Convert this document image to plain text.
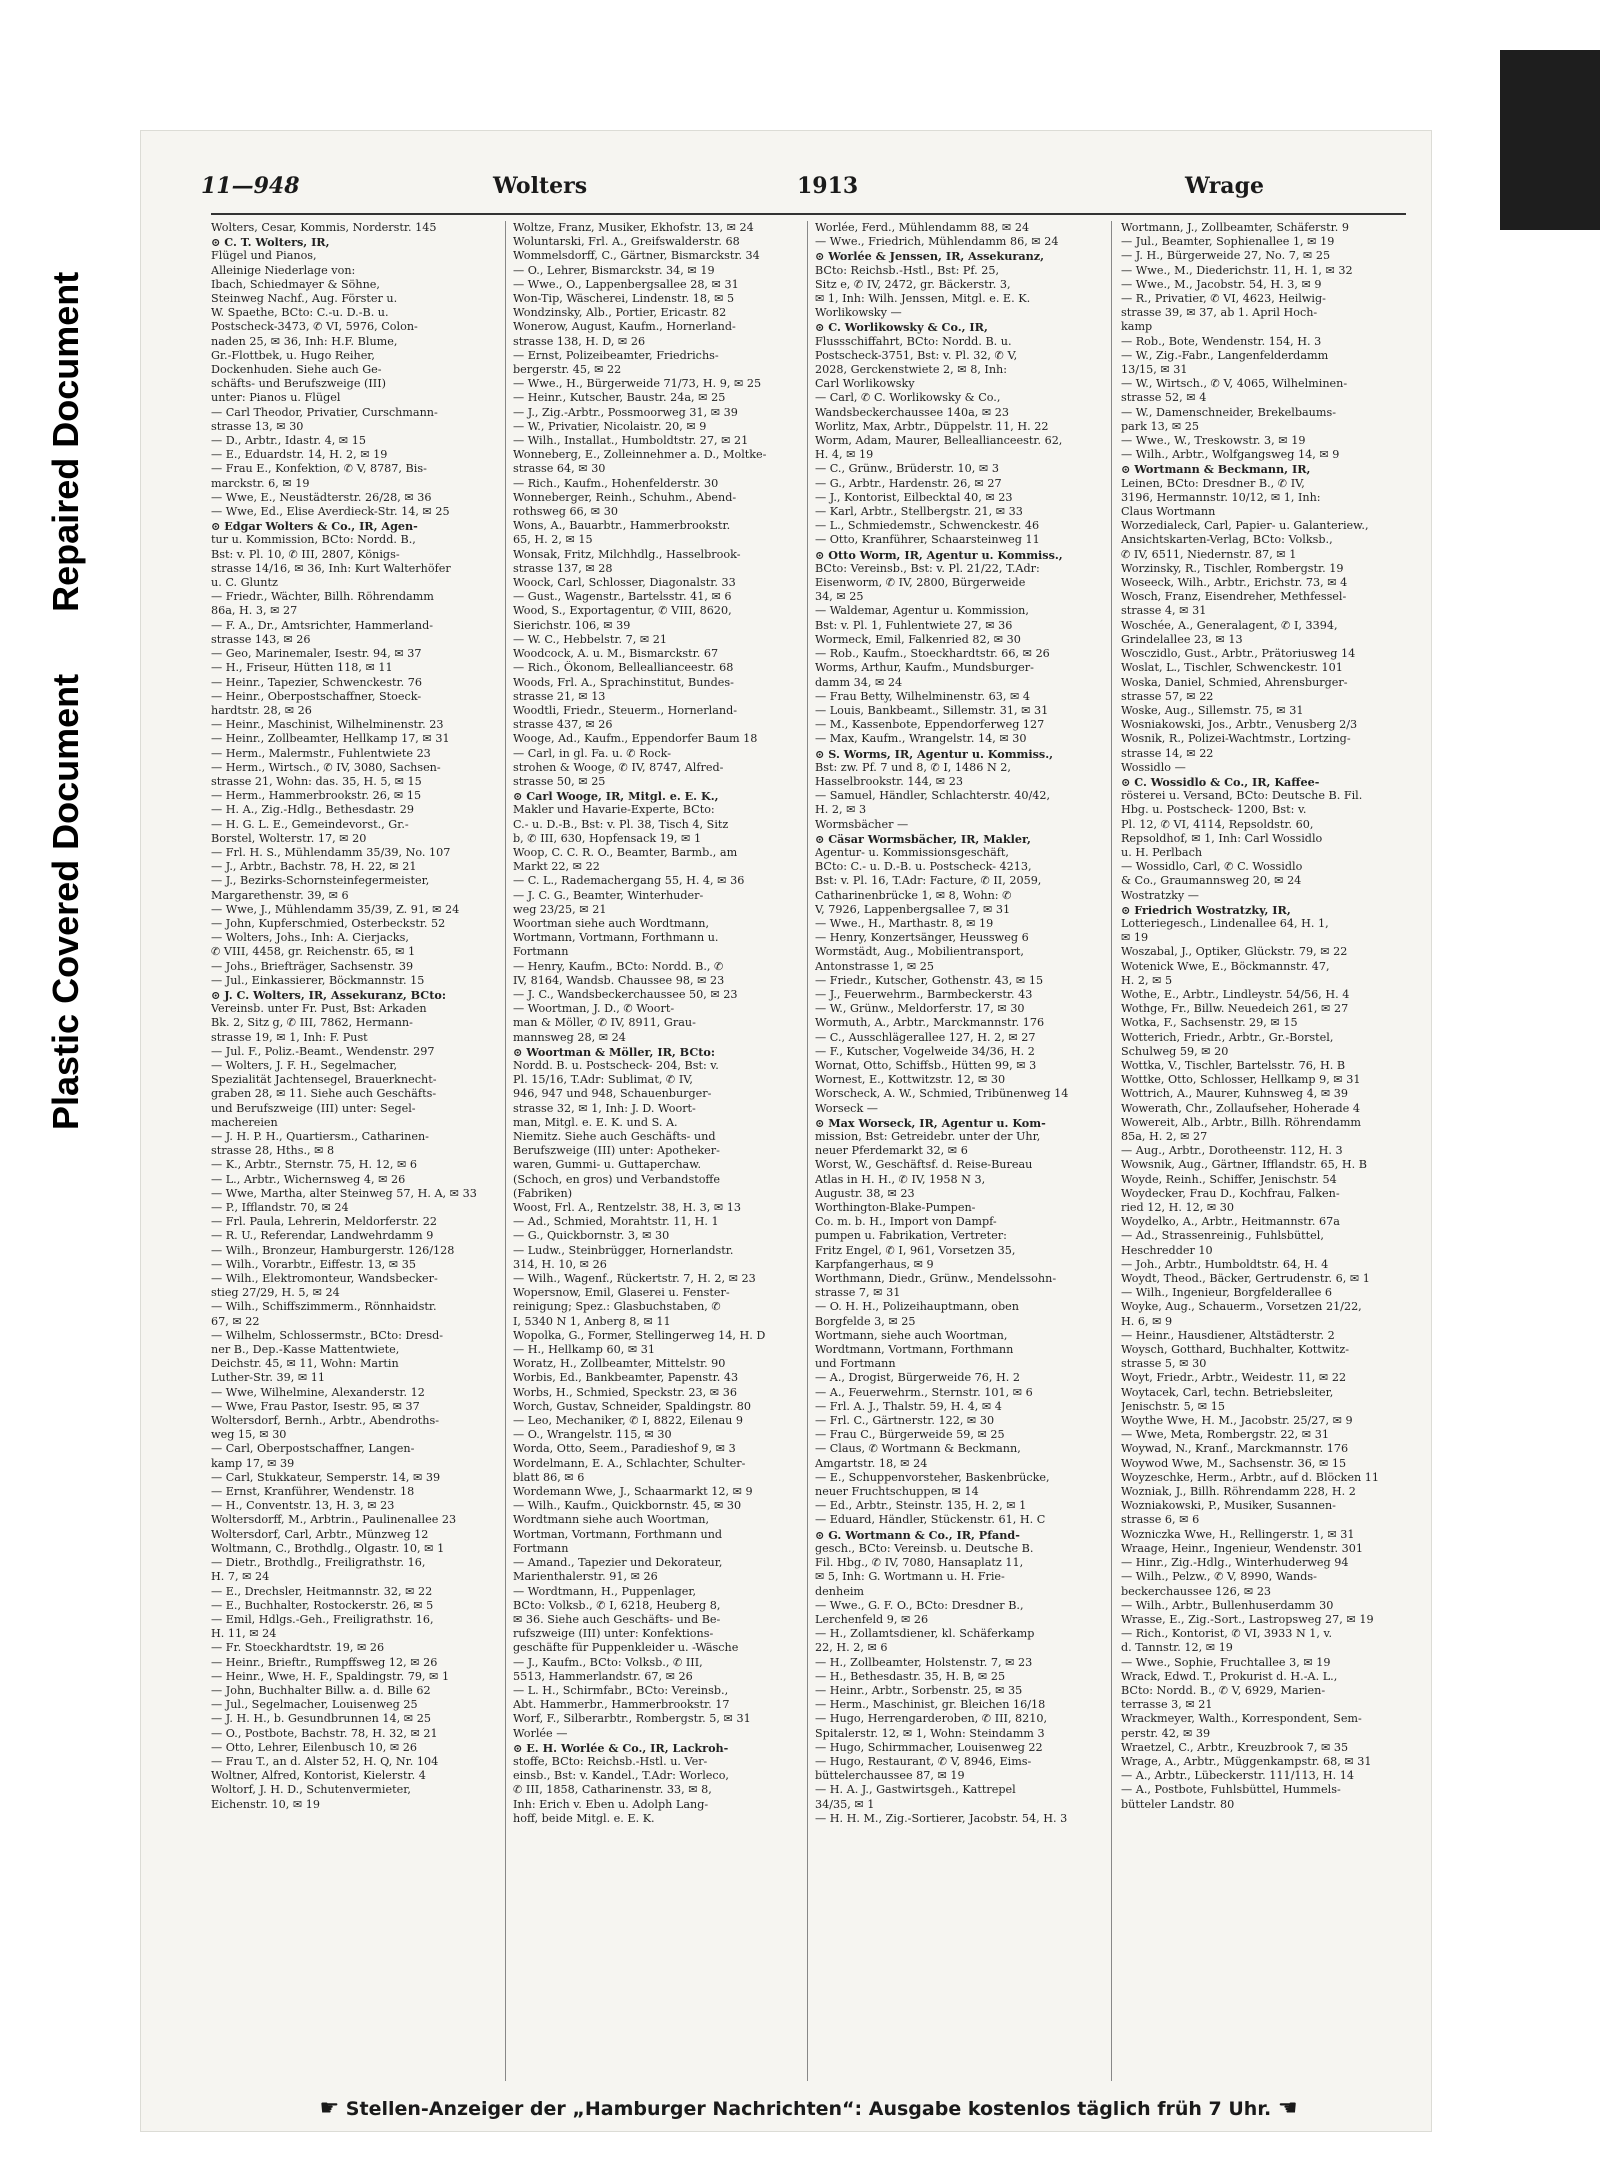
Plastic Covered Document Repaired Document
11—948	Wolters	1913	Wrage
Wolters, Cesar, Kommis, Norderstr. 145
⊙ C. T. Wolters, IR,
Flügel und Pianos,
Alleinige Niederlage von:
Ibach, Schiedmayer & Söhne,
Steinweg Nachf., Aug. Förster u.
W. Spaethe, BCto: C.-u. D.-B. u.
Postscheck-3473, ✆ VI, 5976, Colon-
naden 25, ✉ 36, Inh: H.F. Blume,
Gr.-Flottbek, u. Hugo Reiher,
Dockenhuden. Siehe auch Ge-
schäfts- und Berufszweige (III)
unter: Pianos u. Flügel
— Carl Theodor, Privatier, Curschmann-
strasse 13, ✉ 30
— D., Arbtr., Idastr. 4, ✉ 15
— E., Eduardstr. 14, H. 2, ✉ 19
— Frau E., Konfektion, ✆ V, 8787, Bis-
marckstr. 6, ✉ 19
— Wwe, E., Neustädterstr. 26/28, ✉ 36
— Wwe, Ed., Elise Averdieck-Str. 14, ✉ 25
⊙ Edgar Wolters & Co., IR, Agen-
tur u. Kommission, BCto: Nordd. B.,
Bst: v. Pl. 10, ✆ III, 2807, Königs-
strasse 14/16, ✉ 36, Inh: Kurt Walterhöfer
u. C. Gluntz
— Friedr., Wächter, Billh. Röhrendamm
86a, H. 3, ✉ 27
— F. A., Dr., Amtsrichter, Hammerland-
strasse 143, ✉ 26
— Geo, Marinemaler, Isestr. 94, ✉ 37
— H., Friseur, Hütten 118, ✉ 11
— Heinr., Tapezier, Schwenckestr. 76
— Heinr., Oberpostschaffner, Stoeck-
hardtstr. 28, ✉ 26
— Heinr., Maschinist, Wilhelminenstr. 23
— Heinr., Zollbeamter, Hellkamp 17, ✉ 31
— Herm., Malermstr., Fuhlentwiete 23
— Herm., Wirtsch., ✆ IV, 3080, Sachsen-
strasse 21, Wohn: das. 35, H. 5, ✉ 15
— Herm., Hammerbrookstr. 26, ✉ 15
— H. A., Zig.-Hdlg., Bethesdastr. 29
— H. G. L. E., Gemeindevorst., Gr.-
Borstel, Wolterstr. 17, ✉ 20
— Frl. H. S., Mühlendamm 35/39, No. 107
— J., Arbtr., Bachstr. 78, H. 22, ✉ 21
— J., Bezirks-Schornsteinfegermeister,
Margarethenstr. 39, ✉ 6
— Wwe, J., Mühlendamm 35/39, Z. 91, ✉ 24
— John, Kupferschmied, Osterbeckstr. 52
— Wolters, Johs., Inh: A. Cierjacks,
✆ VIII, 4458, gr. Reichenstr. 65, ✉ 1
— Johs., Briefträger, Sachsenstr. 39
— Jul., Einkassierer, Böckmannstr. 15
⊙ J. C. Wolters, IR, Assekuranz, BCto:
Vereinsb. unter Fr. Pust, Bst: Arkaden
Bk. 2, Sitz g, ✆ III, 7862, Hermann-
strasse 19, ✉ 1, Inh: F. Pust
— Jul. F., Poliz.-Beamt., Wendenstr. 297
— Wolters, J. F. H., Segelmacher,
Spezialität Jachtensegel, Brauerknecht-
graben 28, ✉ 11. Siehe auch Geschäfts-
und Berufszweige (III) unter: Segel-
machereien
— J. H. P. H., Quartiersm., Catharinen-
strasse 28, Hths., ✉ 8
— K., Arbtr., Sternstr. 75, H. 12, ✉ 6
— L., Arbtr., Wichernsweg 4, ✉ 26
— Wwe, Martha, alter Steinweg 57, H. A, ✉ 33
— P., Ifflandstr. 70, ✉ 24
— Frl. Paula, Lehrerin, Meldorferstr. 22
— R. U., Referendar, Landwehrdamm 9
— Wilh., Bronzeur, Hamburgerstr. 126/128
— Wilh., Vorarbtr., Eiffestr. 13, ✉ 35
— Wilh., Elektromonteur, Wandsbecker-
stieg 27/29, H. 5, ✉ 24
— Wilh., Schiffszimmerm., Rönnhaidstr.
67, ✉ 22
— Wilhelm, Schlossermstr., BCto: Dresd-
ner B., Dep.-Kasse Mattentwiete,
Deichstr. 45, ✉ 11, Wohn: Martin
Luther-Str. 39, ✉ 11
— Wwe, Wilhelmine, Alexanderstr. 12
— Wwe, Frau Pastor, Isestr. 95, ✉ 37
Woltersdorf, Bernh., Arbtr., Abendroths-
weg 15, ✉ 30
— Carl, Oberpostschaffner, Langen-
kamp 17, ✉ 39
— Carl, Stukkateur, Semperstr. 14, ✉ 39
— Ernst, Kranführer, Wendenstr. 18
— H., Conventstr. 13, H. 3, ✉ 23
Woltersdorff, M., Arbtrin., Paulinenallee 23
Woltersdorf, Carl, Arbtr., Münzweg 12
Woltmann, C., Brothdlg., Olgastr. 10, ✉ 1
— Dietr., Brothdlg., Freiligrathstr. 16,
H. 7, ✉ 24
— E., Drechsler, Heitmannstr. 32, ✉ 22
— E., Buchhalter, Rostockerstr. 26, ✉ 5
— Emil, Hdlgs.-Geh., Freiligrathstr. 16,
H. 11, ✉ 24
— Fr. Stoeckhardtstr. 19, ✉ 26
— Heinr., Brieftr., Rumpffsweg 12, ✉ 26
— Heinr., Wwe, H. F., Spaldingstr. 79, ✉ 1
— John, Buchhalter Billw. a. d. Bille 62
— Jul., Segelmacher, Louisenweg 25
— J. H. H., b. Gesundbrunnen 14, ✉ 25
— O., Postbote, Bachstr. 78, H. 32, ✉ 21
— Otto, Lehrer, Eilenbusch 10, ✉ 26
— Frau T., an d. Alster 52, H. Q, Nr. 104
Woltner, Alfred, Kontorist, Kielerstr. 4
Woltorf, J. H. D., Schutenvermieter,
Eichenstr. 10, ✉ 19
Woltze, Franz, Musiker, Ekhofstr. 13, ✉ 24
Woluntarski, Frl. A., Greifswalderstr. 68
Wommelsdorff, C., Gärtner, Bismarckstr. 34
— O., Lehrer, Bismarckstr. 34, ✉ 19
— Wwe., O., Lappenbergsallee 28, ✉ 31
Won-Tip, Wäscherei, Lindenstr. 18, ✉ 5
Wondzinsky, Alb., Portier, Ericastr. 82
Wonerow, August, Kaufm., Hornerland-
strasse 138, H. D, ✉ 26
— Ernst, Polizeibeamter, Friedrichs-
bergerstr. 45, ✉ 22
— Wwe., H., Bürgerweide 71/73, H. 9, ✉ 25
— Heinr., Kutscher, Baustr. 24a, ✉ 25
— J., Zig.-Arbtr., Possmoorweg 31, ✉ 39
— W., Privatier, Nicolaistr. 20, ✉ 9
— Wilh., Installat., Humboldtstr. 27, ✉ 21
Wonneberg, E., Zolleinnehmer a. D., Moltke-
strasse 64, ✉ 30
— Rich., Kaufm., Hohenfelderstr. 30
Wonneberger, Reinh., Schuhm., Abend-
rothsweg 66, ✉ 30
Wons, A., Bauarbtr., Hammerbrookstr.
65, H. 2, ✉ 15
Wonsak, Fritz, Milchhdlg., Hasselbrook-
strasse 137, ✉ 28
Woock, Carl, Schlosser, Diagonalstr. 33
— Gust., Wagenstr., Bartelsstr. 41, ✉ 6
Wood, S., Exportagentur, ✆ VIII, 8620,
Sierichstr. 106, ✉ 39
— W. C., Hebbelstr. 7, ✉ 21
Woodcock, A. u. M., Bismarckstr. 67
— Rich., Ökonom, Belleallianceestr. 68
Woods, Frl. A., Sprachinstitut, Bundes-
strasse 21, ✉ 13
Woodtli, Friedr., Steuerm., Hornerland-
strasse 437, ✉ 26
Wooge, Ad., Kaufm., Eppendorfer Baum 18
— Carl, in gl. Fa. u. ✆ Rock-
strohen & Wooge, ✆ IV, 8747, Alfred-
strasse 50, ✉ 25
⊙ Carl Wooge, IR, Mitgl. e. E. K.,
Makler und Havarie-Experte, BCto:
C.- u. D.-B., Bst: v. Pl. 38, Tisch 4, Sitz
b, ✆ III, 630, Hopfensack 19, ✉ 1
Woop, C. C. R. O., Beamter, Barmb., am
Markt 22, ✉ 22
— C. L., Rademachergang 55, H. 4, ✉ 36
— J. C. G., Beamter, Winterhuder-
weg 23/25, ✉ 21
Woortman siehe auch Wordtmann,
Wortmann, Vortmann, Forthmann u.
Fortmann
— Henry, Kaufm., BCto: Nordd. B., ✆
IV, 8164, Wandsb. Chaussee 98, ✉ 23
— J. C., Wandsbeckerchaussee 50, ✉ 23
— Woortman, J. D., ✆ Woort-
man & Möller, ✆ IV, 8911, Grau-
mannsweg 28, ✉ 24
⊙ Woortman & Möller, IR, BCto:
Nordd. B. u. Postscheck- 204, Bst: v.
Pl. 15/16, T.Adr: Sublimat, ✆ IV,
946, 947 und 948, Schauenburger-
strasse 32, ✉ 1, Inh: J. D. Woort-
man, Mitgl. e. E. K. und S. A.
Niemitz. Siehe auch Geschäfts- und
Berufszweige (III) unter: Apotheker-
waren, Gummi- u. Guttaperchaw.
(Schoch, en gros) und Verbandstoffe
(Fabriken)
Woost, Frl. A., Rentzelstr. 38, H. 3, ✉ 13
— Ad., Schmied, Morahtstr. 11, H. 1
— G., Quickbornstr. 3, ✉ 30
— Ludw., Steinbrügger, Hornerlandstr.
314, H. 10, ✉ 26
— Wilh., Wagenf., Rückertstr. 7, H. 2, ✉ 23
Wopersnow, Emil, Glaserei u. Fenster-
reinigung; Spez.: Glasbuchstaben, ✆
I, 5340 N 1, Anberg 8, ✉ 11
Wopolka, G., Former, Stellingerweg 14, H. D
— H., Hellkamp 60, ✉ 31
Woratz, H., Zollbeamter, Mittelstr. 90
Worbis, Ed., Bankbeamter, Papenstr. 43
Worbs, H., Schmied, Speckstr. 23, ✉ 36
Worch, Gustav, Schneider, Spaldingstr. 80
— Leo, Mechaniker, ✆ I, 8822, Eilenau 9
— O., Wrangelstr. 115, ✉ 30
Worda, Otto, Seem., Paradieshof 9, ✉ 3
Wordelmann, E. A., Schlachter, Schulter-
blatt 86, ✉ 6
Wordemann Wwe, J., Schaarmarkt 12, ✉ 9
— Wilh., Kaufm., Quickbornstr. 45, ✉ 30
Wordtmann siehe auch Woortman,
Wortman, Vortmann, Forthmann und
Fortmann
— Amand., Tapezier und Dekorateur,
Marienthalerstr. 91, ✉ 26
— Wordtmann, H., Puppenlager,
BCto: Volksb., ✆ I, 6218, Heuberg 8,
✉ 36. Siehe auch Geschäfts- und Be-
rufszweige (III) unter: Konfektions-
geschäfte für Puppenkleider u. -Wäsche
— J., Kaufm., BCto: Volksb., ✆ III,
5513, Hammerlandstr. 67, ✉ 26
— L. H., Schirmfabr., BCto: Vereinsb.,
Abt. Hammerbr., Hammerbrookstr. 17
Worf, F., Silberarbtr., Rombergstr. 5, ✉ 31
Worlée —
⊙ E. H. Worlée & Co., IR, Lackroh-
stoffe, BCto: Reichsb.-Hstl. u. Ver-
einsb., Bst: v. Kandel., T.Adr: Worleco,
✆ III, 1858, Catharinenstr. 33, ✉ 8,
Inh: Erich v. Eben u. Adolph Lang-
hoff, beide Mitgl. e. E. K.
Worlée, Ferd., Mühlendamm 88, ✉ 24
— Wwe., Friedrich, Mühlendamm 86, ✉ 24
⊙ Worlée & Jenssen, IR, Assekuranz,
BCto: Reichsb.-Hstl., Bst: Pf. 25,
Sitz e, ✆ IV, 2472, gr. Bäckerstr. 3,
✉ 1, Inh: Wilh. Jenssen, Mitgl. e. E. K.
Worlikowsky —
⊙ C. Worlikowsky & Co., IR,
Flussschiffahrt, BCto: Nordd. B. u.
Postscheck-3751, Bst: v. Pl. 32, ✆ V,
2028, Gerckenstwiete 2, ✉ 8, Inh:
Carl Worlikowsky
— Carl, ✆ C. Worlikowsky & Co.,
Wandsbeckerchaussee 140a, ✉ 23
Worlitz, Max, Arbtr., Düppelstr. 11, H. 22
Worm, Adam, Maurer, Belleallianceestr. 62,
H. 4, ✉ 19
— C., Grünw., Brüderstr. 10, ✉ 3
— G., Arbtr., Hardenstr. 26, ✉ 27
— J., Kontorist, Eilbecktal 40, ✉ 23
— Karl, Arbtr., Stellbergstr. 21, ✉ 33
— L., Schmiedemstr., Schwenckestr. 46
— Otto, Kranführer, Schaarsteinweg 11
⊙ Otto Worm, IR, Agentur u. Kommiss.,
BCto: Vereinsb., Bst: v. Pl. 21/22, T.Adr:
Eisenworm, ✆ IV, 2800, Bürgerweide
34, ✉ 25
— Waldemar, Agentur u. Kommission,
Bst: v. Pl. 1, Fuhlentwiete 27, ✉ 36
Wormeck, Emil, Falkenried 82, ✉ 30
— Rob., Kaufm., Stoeckhardtstr. 66, ✉ 26
Worms, Arthur, Kaufm., Mundsburger-
damm 34, ✉ 24
— Frau Betty, Wilhelminenstr. 63, ✉ 4
— Louis, Bankbeamt., Sillemstr. 31, ✉ 31
— M., Kassenbote, Eppendorferweg 127
— Max, Kaufm., Wrangelstr. 14, ✉ 30
⊙ S. Worms, IR, Agentur u. Kommiss.,
Bst: zw. Pf. 7 und 8, ✆ I, 1486 N 2,
Hasselbrookstr. 144, ✉ 23
— Samuel, Händler, Schlachterstr. 40/42,
H. 2, ✉ 3
Wormsbächer —
⊙ Cäsar Wormsbächer, IR, Makler,
Agentur- u. Kommissionsgeschäft,
BCto: C.- u. D.-B. u. Postscheck- 4213,
Bst: v. Pl. 16, T.Adr: Facture, ✆ II, 2059,
Catharinenbrücke 1, ✉ 8, Wohn: ✆
V, 7926, Lappenbergsallee 7, ✉ 31
— Wwe., H., Marthastr. 8, ✉ 19
— Henry, Konzertsänger, Heussweg 6
Wormstädt, Aug., Mobilientransport,
Antonstrasse 1, ✉ 25
— Friedr., Kutscher, Gothenstr. 43, ✉ 15
— J., Feuerwehrm., Barmbeckerstr. 43
— W., Grünw., Meldorferstr. 17, ✉ 30
Wormuth, A., Arbtr., Marckmannstr. 176
— C., Ausschlägerallee 127, H. 2, ✉ 27
— F., Kutscher, Vogelweide 34/36, H. 2
Wornat, Otto, Schiffsb., Hütten 99, ✉ 3
Wornest, E., Kottwitzstr. 12, ✉ 30
Worscheck, A. W., Schmied, Tribünenweg 14
Worseck —
⊙ Max Worseck, IR, Agentur u. Kom-
mission, Bst: Getreidebr. unter der Uhr,
neuer Pferdemarkt 32, ✉ 6
Worst, W., Geschäftsf. d. Reise-Bureau
Atlas in H. H., ✆ IV, 1958 N 3,
Augustr. 38, ✉ 23
Worthington-Blake-Pumpen-
Co. m. b. H., Import von Dampf-
pumpen u. Fabrikation, Vertreter:
Fritz Engel, ✆ I, 961, Vorsetzen 35,
Karpfangerhaus, ✉ 9
Worthmann, Diedr., Grünw., Mendelssohn-
strasse 7, ✉ 31
— O. H. H., Polizeihauptmann, oben
Borgfelde 3, ✉ 25
Wortmann, siehe auch Woortman,
Wordtmann, Vortmann, Forthmann
und Fortmann
— A., Drogist, Bürgerweide 76, H. 2
— A., Feuerwehrm., Sternstr. 101, ✉ 6
— Frl. A. J., Thalstr. 59, H. 4, ✉ 4
— Frl. C., Gärtnerstr. 122, ✉ 30
— Frau C., Bürgerweide 59, ✉ 25
— Claus, ✆ Wortmann & Beckmann,
Amgartstr. 18, ✉ 24
— E., Schuppenvorsteher, Baskenbrücke,
neuer Fruchtschuppen, ✉ 14
— Ed., Arbtr., Steinstr. 135, H. 2, ✉ 1
— Eduard, Händler, Stückenstr. 61, H. C
⊙ G. Wortmann & Co., IR, Pfand-
gesch., BCto: Vereinsb. u. Deutsche B.
Fil. Hbg., ✆ IV, 7080, Hansaplatz 11,
✉ 5, Inh: G. Wortmann u. H. Frie-
denheim
— Wwe., G. F. O., BCto: Dresdner B.,
Lerchenfeld 9, ✉ 26
— H., Zollamtsdiener, kl. Schäferkamp
22, H. 2, ✉ 6
— H., Zollbeamter, Holstenstr. 7, ✉ 23
— H., Bethesdastr. 35, H. B, ✉ 25
— Heinr., Arbtr., Sorbenstr. 25, ✉ 35
— Herm., Maschinist, gr. Bleichen 16/18
— Hugo, Herrengarderoben, ✆ III, 8210,
Spitalerstr. 12, ✉ 1, Wohn: Steindamm 3
— Hugo, Schirmmacher, Louisenweg 22
— Hugo, Restaurant, ✆ V, 8946, Eims-
büttelerchaussee 87, ✉ 19
— H. A. J., Gastwirtsgeh., Kattrepel
34/35, ✉ 1
— H. H. M., Zig.-Sortierer, Jacobstr. 54, H. 3
Wortmann, J., Zollbeamter, Schäferstr. 9
— Jul., Beamter, Sophienallee 1, ✉ 19
— J. H., Bürgerweide 27, No. 7, ✉ 25
— Wwe., M., Diederichstr. 11, H. 1, ✉ 32
— Wwe., M., Jacobstr. 54, H. 3, ✉ 9
— R., Privatier, ✆ VI, 4623, Heilwig-
strasse 39, ✉ 37, ab 1. April Hoch-
kamp
— Rob., Bote, Wendenstr. 154, H. 3
— W., Zig.-Fabr., Langenfelderdamm
13/15, ✉ 31
— W., Wirtsch., ✆ V, 4065, Wilhelminen-
strasse 52, ✉ 4
— W., Damenschneider, Brekelbaums-
park 13, ✉ 25
— Wwe., W., Treskowstr. 3, ✉ 19
— Wilh., Arbtr., Wolfgangsweg 14, ✉ 9
⊙ Wortmann & Beckmann, IR,
Leinen, BCto: Dresdner B., ✆ IV,
3196, Hermannstr. 10/12, ✉ 1, Inh:
Claus Wortmann
Worzedialeck, Carl, Papier- u. Galanteriew.,
Ansichtskarten-Verlag, BCto: Volksb.,
✆ IV, 6511, Niedernstr. 87, ✉ 1
Worzinsky, R., Tischler, Rombergstr. 19
Woseeck, Wilh., Arbtr., Erichstr. 73, ✉ 4
Wosch, Franz, Eisendreher, Methfessel-
strasse 4, ✉ 31
Woschée, A., Generalagent, ✆ I, 3394,
Grindelallee 23, ✉ 13
Wosczidlo, Gust., Arbtr., Prätoriusweg 14
Woslat, L., Tischler, Schwenckestr. 101
Woska, Daniel, Schmied, Ahrensburger-
strasse 57, ✉ 22
Woske, Aug., Sillemstr. 75, ✉ 31
Wosniakowski, Jos., Arbtr., Venusberg 2/3
Wosnik, R., Polizei-Wachtmstr., Lortzing-
strasse 14, ✉ 22
Wossidlo —
⊙ C. Wossidlo & Co., IR, Kaffee-
rösterei u. Versand, BCto: Deutsche B. Fil.
Hbg. u. Postscheck- 1200, Bst: v.
Pl. 12, ✆ VI, 4114, Repsoldstr. 60,
Repsoldhof, ✉ 1, Inh: Carl Wossidlo
u. H. Perlbach
— Wossidlo, Carl, ✆ C. Wossidlo
& Co., Graumannsweg 20, ✉ 24
Wostratzky —
⊙ Friedrich Wostratzky, IR,
Lotteriegesch., Lindenallee 64, H. 1,
✉ 19
Woszabal, J., Optiker, Glückstr. 79, ✉ 22
Wotenick Wwe, E., Böckmannstr. 47,
H. 2, ✉ 5
Wothe, E., Arbtr., Lindleystr. 54/56, H. 4
Wothge, Fr., Billw. Neuedeich 261, ✉ 27
Wotka, F., Sachsenstr. 29, ✉ 15
Wotterich, Friedr., Arbtr., Gr.-Borstel,
Schulweg 59, ✉ 20
Wottka, V., Tischler, Bartelsstr. 76, H. B
Wottke, Otto, Schlosser, Hellkamp 9, ✉ 31
Wottrich, A., Maurer, Kuhnsweg 4, ✉ 39
Wowerath, Chr., Zollaufseher, Hoherade 4
Wowereit, Alb., Arbtr., Billh. Röhrendamm
85a, H. 2, ✉ 27
— Aug., Arbtr., Dorotheenstr. 112, H. 3
Wowsnik, Aug., Gärtner, Ifflandstr. 65, H. B
Woyde, Reinh., Schiffer, Jenischstr. 54
Woydecker, Frau D., Kochfrau, Falken-
ried 12, H. 12, ✉ 30
Woydelko, A., Arbtr., Heitmannstr. 67a
— Ad., Strassenreinig., Fuhlsbüttel,
Heschredder 10
— Joh., Arbtr., Humboldtstr. 64, H. 4
Woydt, Theod., Bäcker, Gertrudenstr. 6, ✉ 1
— Wilh., Ingenieur, Borgfelderallee 6
Woyke, Aug., Schauerm., Vorsetzen 21/22,
H. 6, ✉ 9
— Heinr., Hausdiener, Altstädterstr. 2
Woysch, Gotthard, Buchhalter, Kottwitz-
strasse 5, ✉ 30
Woyt, Friedr., Arbtr., Weidestr. 11, ✉ 22
Woytacek, Carl, techn. Betriebsleiter,
Jenischstr. 5, ✉ 15
Woythe Wwe, H. M., Jacobstr. 25/27, ✉ 9
— Wwe, Meta, Rombergstr. 22, ✉ 31
Woywad, N., Kranf., Marckmannstr. 176
Woywod Wwe, M., Sachsenstr. 36, ✉ 15
Woyzeschke, Herm., Arbtr., auf d. Blöcken 11
Wozniak, J., Billh. Röhrendamm 228, H. 2
Wozniakowski, P., Musiker, Susannen-
strasse 6, ✉ 6
Wozniczka Wwe, H., Rellingerstr. 1, ✉ 31
Wraage, Heinr., Ingenieur, Wendenstr. 301
— Hinr., Zig.-Hdlg., Winterhuderweg 94
— Wilh., Pelzw., ✆ V, 8990, Wands-
beckerchaussee 126, ✉ 23
— Wilh., Arbtr., Bullenhuserdamm 30
Wrasse, E., Zig.-Sort., Lastropsweg 27, ✉ 19
— Rich., Kontorist, ✆ VI, 3933 N 1, v.
d. Tannstr. 12, ✉ 19
— Wwe., Sophie, Fruchtallee 3, ✉ 19
Wrack, Edwd. T., Prokurist d. H.-A. L.,
BCto: Nordd. B., ✆ V, 6929, Marien-
terrasse 3, ✉ 21
Wrackmeyer, Walth., Korrespondent, Sem-
perstr. 42, ✉ 39
Wraetzel, C., Arbtr., Kreuzbrook 7, ✉ 35
Wrage, A., Arbtr., Müggenkampstr. 68, ✉ 31
— A., Arbtr., Lübeckerstr. 111/113, H. 14
— A., Postbote, Fuhlsbüttel, Hummels-
bütteler Landstr. 80
☛ Stellen-Anzeiger der „Hamburger Nachrichten“: Ausgabe kostenlos täglich früh 7 Uhr. ☚
